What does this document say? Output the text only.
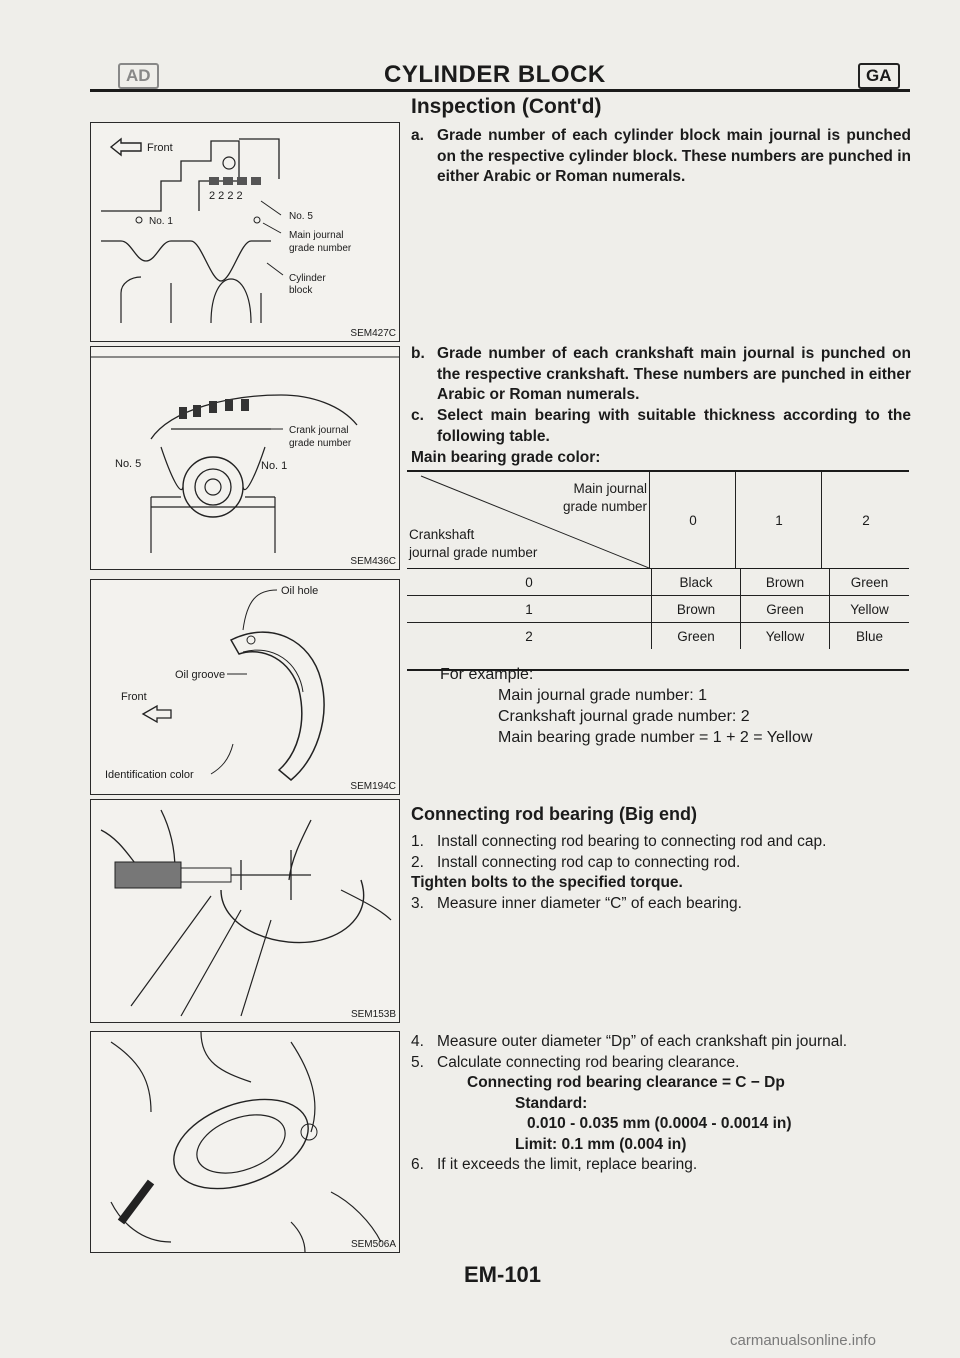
AD	CYLINDER BLOCK	GA
Inspection (Cont'd)
Front
2 2 2 2
No. 1	No. 5
Main journal
grade number
Cylinder
block
SEM427C
Crank journal
grade number
No. 5	No. 1
SEM436C
Oil hole
Oil groove
Front
Identification color
SEM194C
SEM153B
SEM506A
a. Grade number of each cylinder block main journal is punched on the respective cylinder block. These numbers are punched in either Arabic or Roman numerals.
b. Grade number of each crankshaft main journal is punched on the respective crankshaft. These numbers are punched in either Arabic or Roman numerals.
c. Select main bearing with suitable thickness according to the following table.
Main bearing grade color:
Main journal
grade number
Crankshaft
journal grade number
0	1	2
0	Black	Brown	Green
1	Brown	Green	Yellow
2	Green	Yellow	Blue
For example:
Main journal grade number: 1
Crankshaft journal grade number: 2
Main bearing grade number = 1 + 2 = Yellow
Connecting rod bearing (Big end)
1. Install connecting rod bearing to connecting rod and cap.
2. Install connecting rod cap to connecting rod.
Tighten bolts to the specified torque.
3. Measure inner diameter “C” of each bearing.
4. Measure outer diameter “Dp” of each crankshaft pin journal.
5. Calculate connecting rod bearing clearance.
Connecting rod bearing clearance = C − Dp
Standard:
0.010 - 0.035 mm (0.0004 - 0.0014 in)
Limit: 0.1 mm (0.004 in)
6. If it exceeds the limit, replace bearing.
EM-101
carmanualsonline.info
